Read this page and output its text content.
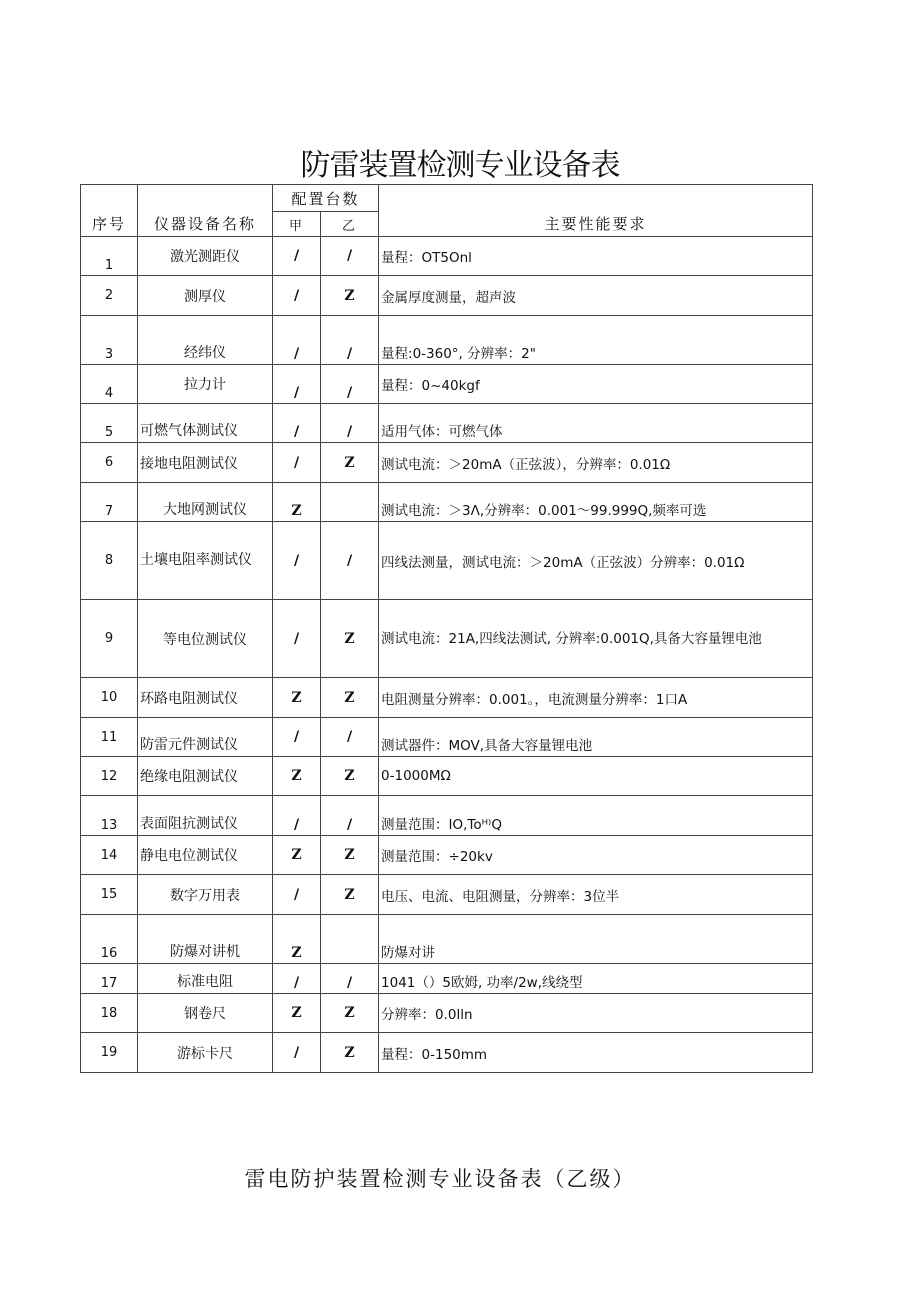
防雷装置检测专业设备表
序号	仪器设备名称	配置台数		主要性能要求
		甲	乙	
1	激光测距仪	/	/	量程：OT5Onl
2	测厚仪	/	Z	金属厚度测量，超声波
3	经纬仪	/	/	量程:0-360°, 分辨率：2"
4	拉力计	/	/	量程：0~40kgf
5	可燃气体测试仪	/	/	适用气体：可燃气体
6	接地电阻测试仪	/	Z	测试电流：＞20mA（正弦波），分辨率：0.01Ω
7	大地网测试仪	Z		测试电流：＞3Λ,分辨率：0.001～99.999Q,频率可选
8	土壤电阻率测试仪	/	/	四线法测量，测试电流：＞20mA（正弦波）分辨率：0.01Ω
9	等电位测试仪	/	Z	测试电流：21A,四线法测试, 分辨率:0.001Q,具备大容量锂电池

10	环路电阻测试仪	Z	Z	电阻测量分辨率：0.001。，电流测量分辨率：1口A
11	防雷元件测试仪	/	/	测试器件：MOV,具备大容量锂电池
12	绝缘电阻测试仪	Z	Z	0-1000MΩ
13	表面阻抗测试仪	/	/	测量范围：IO,Toᴴ⁾Q
14	静电电位测试仪	Z	Z	测量范围：÷20kv
15	数字万用表	/	Z	电压、电流、电阻测量，分辨率：3位半
16	防爆对讲机	Z		防爆对讲
17	标准电阻	/	/	1041（）5欧姆, 功率∕2w,线绕型
18	钢卷尺	Z	Z	分辨率：0.0lln
19	游标卡尺	/	Z	量程：0-150mm
雷电防护装置检测专业设备表（乙级）
